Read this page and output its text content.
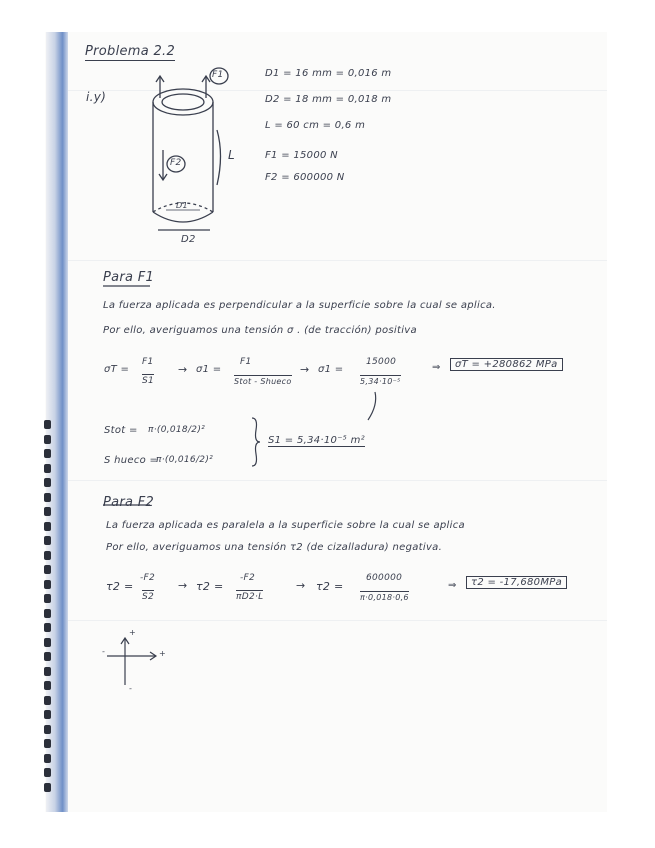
Problema 2.2
i.y)
F1
F2
L
D1
D2
D1 = 16 mm = 0,016 m
D2 = 18 mm = 0,018 m
L = 60 cm = 0,6 m
F1 = 15000 N
F2 = 600000 N
Para F1
La fuerza aplicada es perpendicular a la superficie sobre la cual se aplica.
Por ello, averiguamos una tensión σ . (de tracción) positiva
σT =
F1
S1
→ σ1 =
F1
Stot - Shueco
→ σ1 =
15000
5,34·10⁻⁵
⇒	σT = +280862 MPa
Stot = π·(0,018/2)²
S hueco =
π·(0,016/2)²
S1 = 5,34·10⁻⁵ m²
Para F2
La fuerza aplicada es paralela a la superficie sobre la cual se aplica
Por ello, averiguamos una tensión τ2 (de cizalladura) negativa.
τ2 =
-F2
S2
→ τ2 =
-F2
πD2·L
→ τ2 =
600000
π·0,018·0,6
⇒	τ2 = -17,680MPa
+
+
-
-
